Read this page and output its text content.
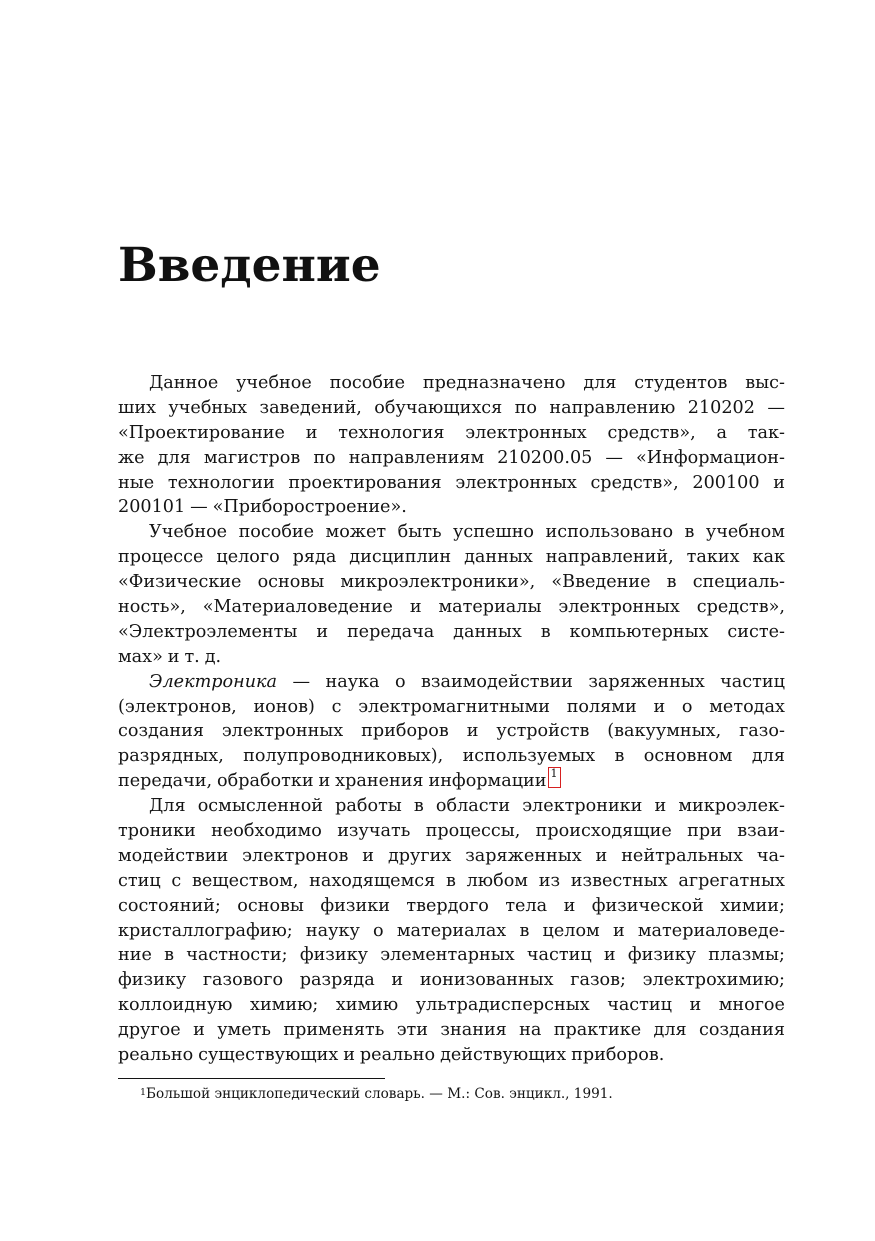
Введение
Данное учебное пособие предназначено для студентов выс-
ших учебных заведений, обучающихся по направлению 210202 —
«Проектирование и технология электронных средств», а так-
же для магистров по направлениям 210200.05 — «Информацион-
ные технологии проектирования электронных средств», 200100 и
200101 — «Приборостроение».
Учебное пособие может быть успешно использовано в учебном
процессе целого ряда дисциплин данных направлений, таких как
«Физические основы микроэлектроники», «Введение в специаль-
ность», «Материаловедение и материалы электронных средств»,
«Электроэлементы и передача данных в компьютерных систе-
мах» и т. д.
Электроника — наука о взаимодействии заряженных частиц
(электронов, ионов) с электромагнитными полями и о методах
создания электронных приборов и устройств (вакуумных, газо-
разрядных, полупроводниковых), используемых в основном для
передачи, обработки и хранения информации 1
Для осмысленной работы в области электроники и микроэлек-
троники необходимо изучать процессы, происходящие при взаи-
модействии электронов и других заряженных и нейтральных ча-
стиц с веществом, находящемся в любом из известных агрегатных
состояний; основы физики твердого тела и физической химии;
кристаллографию; науку о материалах в целом и материаловеде-
ние в частности; физику элементарных частиц и физику плазмы;
физику газового разряда и ионизованных газов; электрохимию;
коллоидную химию; химию ультрадисперсных частиц и многое
другое и уметь применять эти знания на практике для создания
реально существующих и реально действующих приборов.
$^1$Большой энциклопедический словарь. — М.: Сов. энцикл., 1991.
